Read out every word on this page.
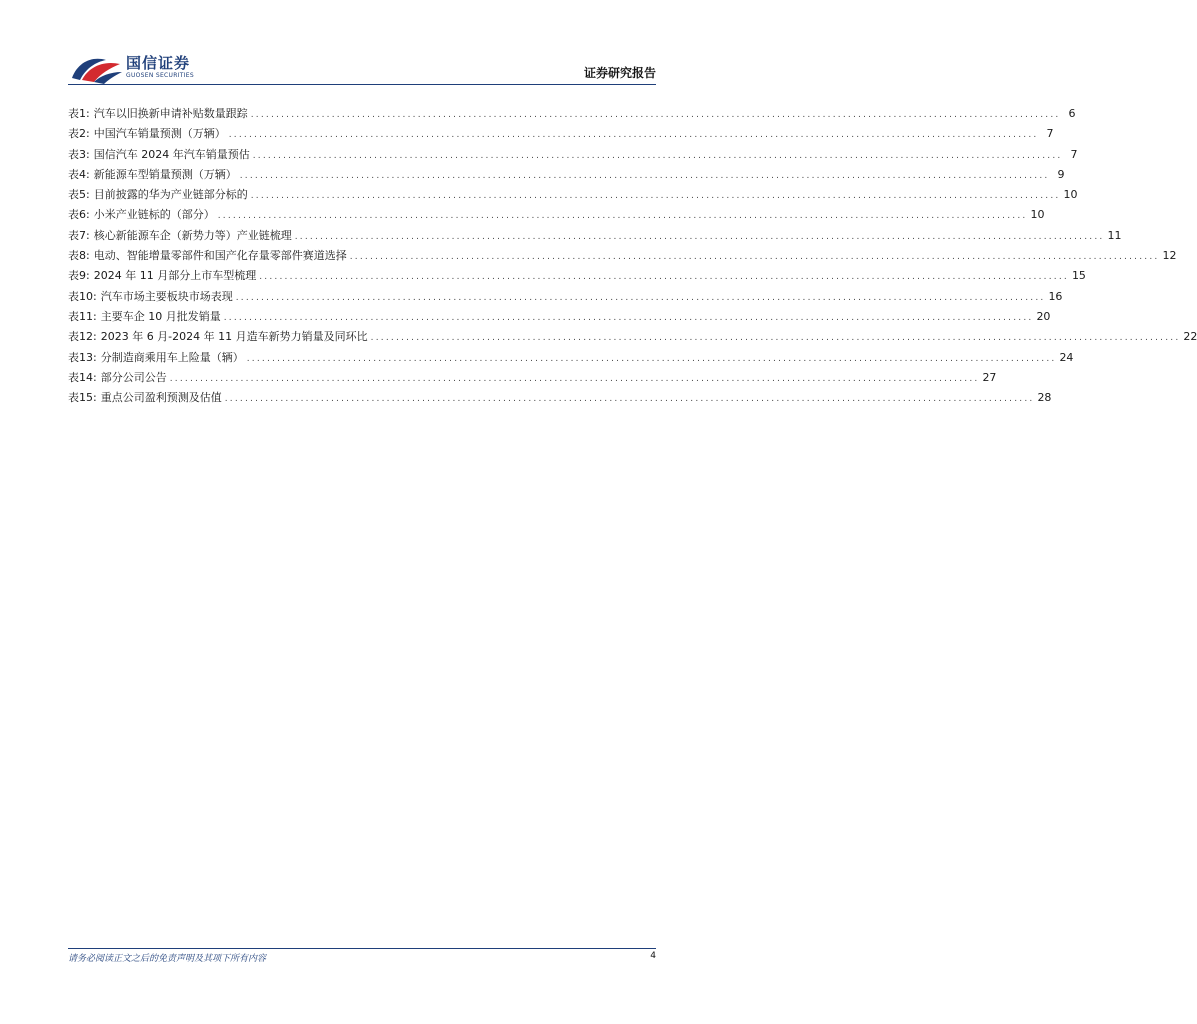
国信证券
GUOSEN SECURITIES	证券研究报告
表1: 汽车以旧换新申请补贴数量跟踪 ................................................................................................................................................................ 6
表2: 中国汽车销量预测（万辆） ................................................................................................................................................................ 7
表3: 国信汽车 2024 年汽车销量预估 ................................................................................................................................................................ 7
表4: 新能源车型销量预测（万辆） ................................................................................................................................................................ 9
表5: 目前披露的华为产业链部分标的 ................................................................................................................................................................ 10
表6: 小米产业链标的（部分） ................................................................................................................................................................ 10
表7: 核心新能源车企（新势力等）产业链梳理 ................................................................................................................................................................ 11
表8: 电动、智能增量零部件和国产化存量零部件赛道选择 ................................................................................................................................................................ 12
表9: 2024 年 11 月部分上市车型梳理 ................................................................................................................................................................ 15
表10: 汽车市场主要板块市场表现 ................................................................................................................................................................ 16
表11: 主要车企 10 月批发销量 ................................................................................................................................................................ 20
表12: 2023 年 6 月-2024 年 11 月造车新势力销量及同环比 ................................................................................................................................................................ 22
表13: 分制造商乘用车上险量（辆） ................................................................................................................................................................ 24
表14: 部分公司公告 ................................................................................................................................................................ 27
表15: 重点公司盈利预测及估值 ................................................................................................................................................................ 28
请务必阅读正文之后的免责声明及其项下所有内容	4
